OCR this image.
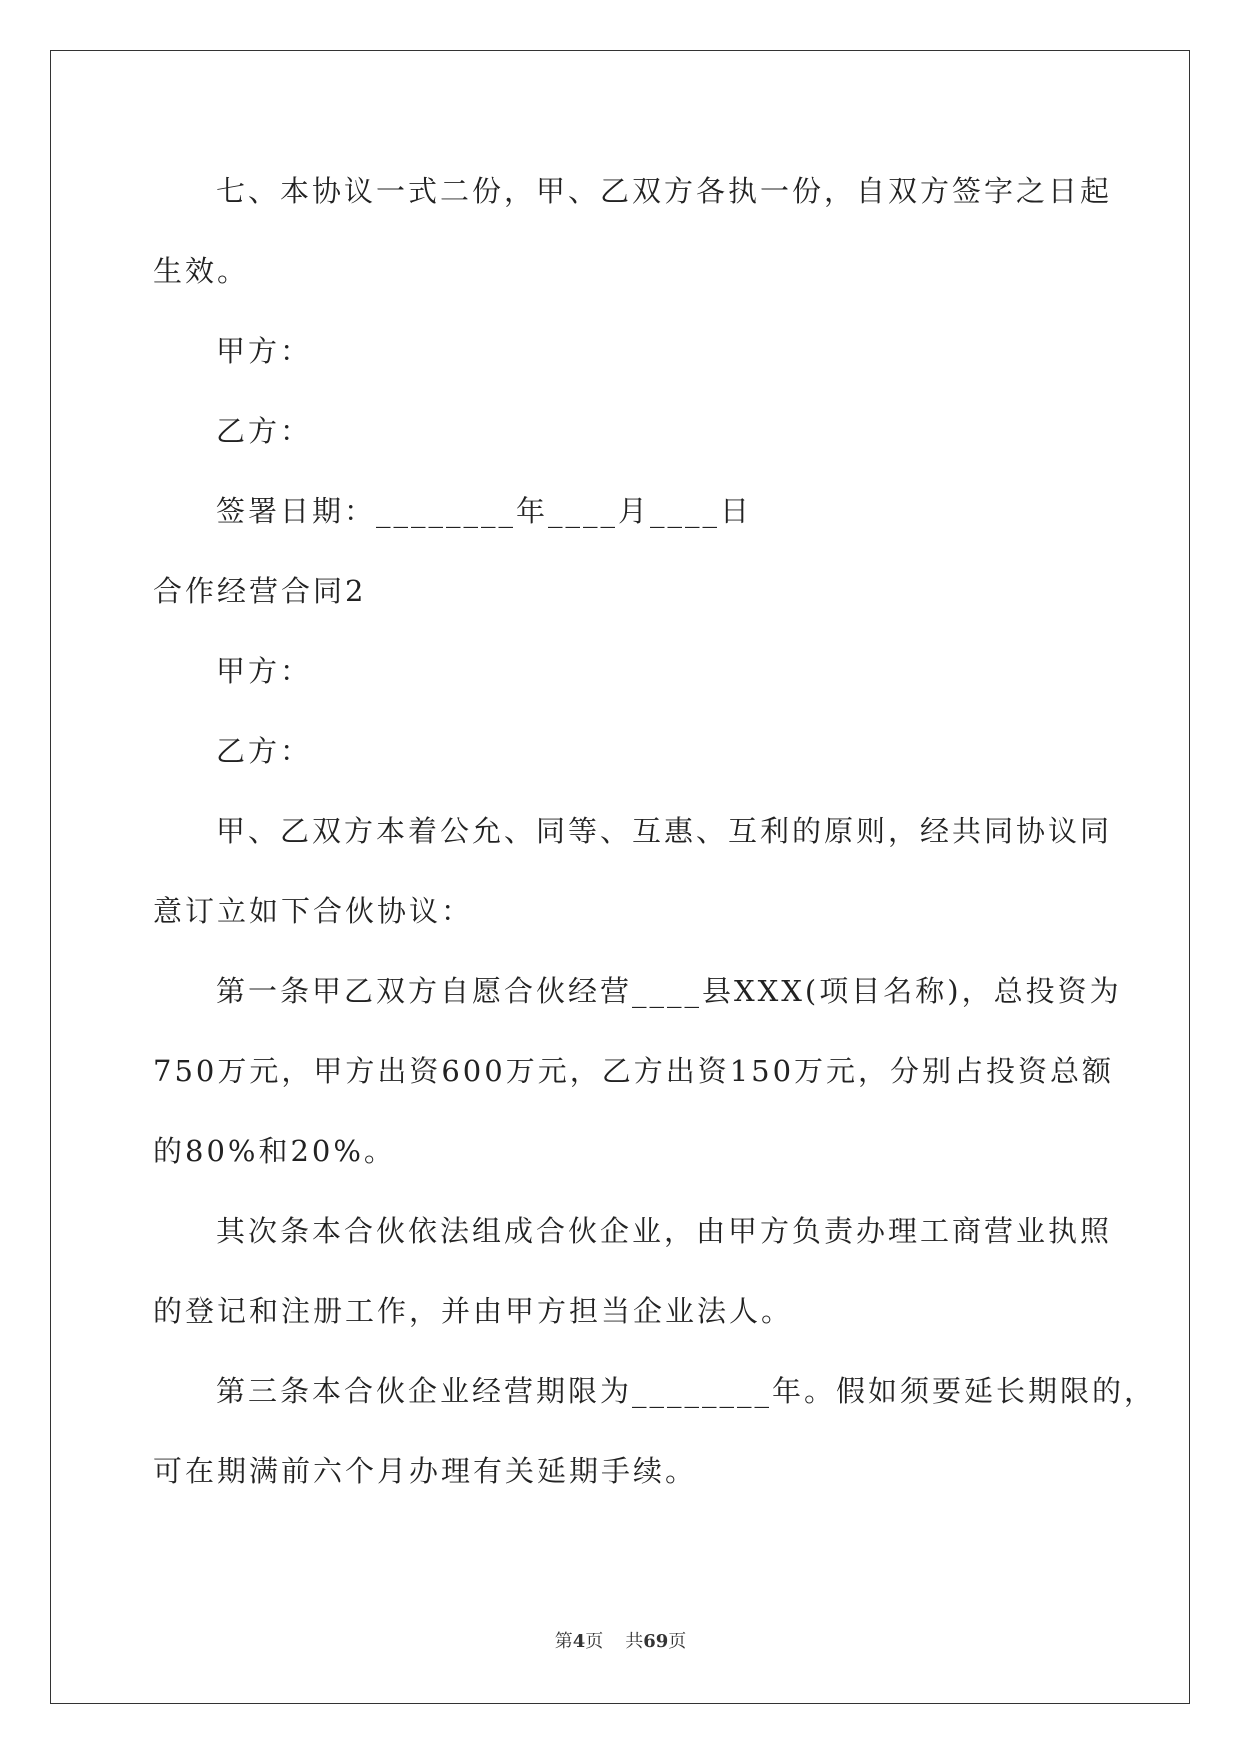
七、本协议一式二份，甲、乙双方各执一份，自双方签字之日起
生效。
甲方：
乙方：
签署日期：________年____月____日
合作经营合同2
甲方：
乙方：
甲、乙双方本着公允、同等、互惠、互利的原则，经共同协议同
意订立如下合伙协议：
第一条甲乙双方自愿合伙经营____县XXX(项目名称)，总投资为
750万元，甲方出资600万元，乙方出资150万元，分别占投资总额
的80%和20%。
其次条本合伙依法组成合伙企业，由甲方负责办理工商营业执照
的登记和注册工作，并由甲方担当企业法人。
第三条本合伙企业经营期限为________年。假如须要延长期限的，
可在期满前六个月办理有关延期手续。
第4页 共69页
